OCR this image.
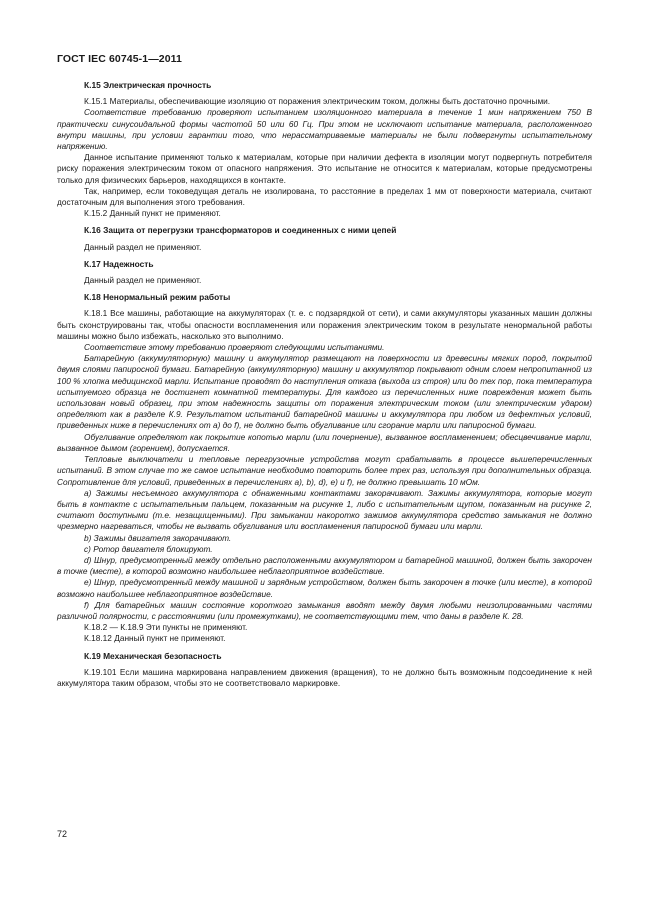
ГОСТ IEC 60745-1—2011
К.15 Электрическая прочность

К.15.1 Материалы, обеспечивающие изоляцию от поражения электрическим током, должны быть достаточно прочными.

Соответствие требованию проверяют испытанием изоляционного материала в течение 1 мин напряжением 750 В практически синусоидальной формы частотой 50 или 60 Гц. При этом не исключают испытание материала, расположенного внутри машины, при условии гарантии того, что нерассматриваемые материалы не были подвергнуты испытательному напряжению.

Данное испытание применяют только к материалам, которые при наличии дефекта в изоляции могут подвергнуть потребителя риску поражения электрическим током от опасного напряжения. Это испытание не относится к материалам, которые предусмотрены только для физических барьеров, находящихся в контакте.

Так, например, если токоведущая деталь не изолирована, то расстояние в пределах 1 мм от поверхности материала, считают достаточным для выполнения этого требования.

К.15.2 Данный пункт не применяют.

К.16 Защита от перегрузки трансформаторов и соединенных с ними цепей

Данный раздел не применяют.

К.17 Надежность

Данный раздел не применяют.

К.18 Ненормальный режим работы

К.18.1 Все машины, работающие на аккумуляторах (т. е. с подзарядкой от сети), и сами аккумуляторы указанных машин должны быть сконструированы так, чтобы опасности воспламенения или поражения электрическим током в результате ненормальной работы машины можно было избежать, насколько это выполнимо.

Соответствие этому требованию проверяют следующими испытаниями.

Батарейную (аккумуляторную) машину и аккумулятор размещают на поверхности из древесины мягких пород, покрытой двумя слоями папиросной бумаги. Батарейную (аккумуляторную) машину и аккумулятор покрывают одним слоем непропитанной из 100 % хлопка медицинской марли. Испытание проводят до наступления отказа (выхода из строя) или до тех пор, пока температура испытуемого образца не достигнет комнатной температуры. Для каждого из перечисленных ниже повреждения может быть использован новый образец, при этом надежность защиты от поражения электрическим током (или электрическим ударом) определяют как в разделе К.9. Результатом испытаний батарейной машины и аккумулятора при любом из дефектных условий, приведенных ниже в перечислениях от а) до f), не должно быть обугливание или сгорание марли или папиросной бумаги.

Обугливание определяют как покрытие копотью марли (или почернение), вызванное воспламенением; обесцвечивание марли, вызванное дымом (горением), допускается.

Тепловые выключатели и тепловые перегрузочные устройства могут срабатывать в процессе вышеперечисленных испытаний. В этом случае то же самое испытание необходимо повторить более трех раз, используя при дополнительных образца. Сопротивление для условий, приведенных в перечислениях а), b), d), е) и f), не должно превышать 10 мОм.

а) Зажимы несъемного аккумулятора с обнаженными контактами закорачивают. Зажимы аккумулятора, которые могут быть в контакте с испытательным пальцем, показанным на рисунке 1, либо с испытательным щупом, показанным на рисунке 2, считают доступными (т.е. незащищенными). При замыкании накоротко зажимов аккумулятора средство замыкания не должно чрезмерно нагреваться, чтобы не вызвать обугливания или воспламенения папиросной бумаги или марли.

b) Зажимы двигателя закорачивают.

c) Ротор двигателя блокируют.

d) Шнур, предусмотренный между отдельно расположенными аккумулятором и батарейной машиной, должен быть закорочен в точке (месте), в которой возможно наибольшее неблагоприятное воздействие.

е) Шнур, предусмотренный между машиной и зарядным устройством, должен быть закорочен в точке (или месте), в которой возможно наибольшее неблагоприятное воздействие.

f) Для батарейных машин состояние короткого замыкания вводят между двумя любыми неизолированными частями различной полярности, с расстояниями (или промежутками), не соответствующими тем, что даны в разделе К. 28.

К.18.2 — К.18.9 Эти пункты не применяют.

К.18.12 Данный пункт не применяют.

К.19 Механическая безопасность

К.19.101 Если машина маркирована направлением движения (вращения), то не должно быть возможным подсоединение к ней аккумулятора таким образом, чтобы это не соответствовало маркировке.

72
